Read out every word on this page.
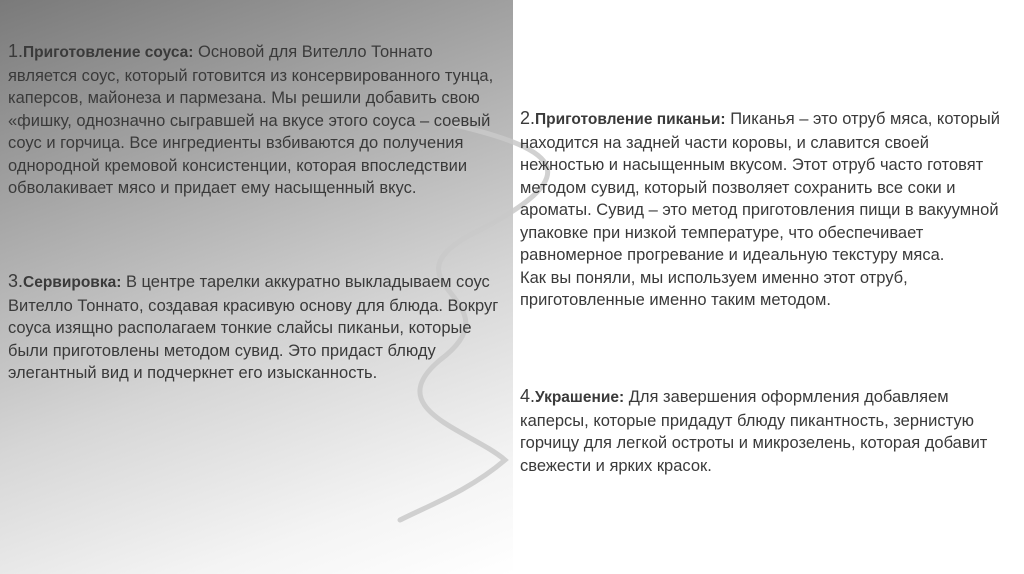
1.Приготовление соуса: Основой для Вителло Тоннато является соус, который готовится из консервированного тунца, каперсов, майонеза и пармезана. Мы решили добавить свою «фишку, однозначно сыгравшей на вкусе этого соуса – соевый соус и горчица. Все ингредиенты взбиваются до получения однородной кремовой консистенции, которая впоследствии обволакивает мясо и придает ему насыщенный вкус.
3.Сервировка: В центре тарелки аккуратно выкладываем соус Вителло Тоннато, создавая красивую основу для блюда. Вокруг соуса изящно располагаем тонкие слайсы пиканьи, которые были приготовлены методом сувид. Это придаст блюду элегантный вид и подчеркнет его изысканность.
2.Приготовление пиканьи: Пиканья – это отруб мяса, который находится на задней части коровы, и славится своей нежностью и насыщенным вкусом. Этот отруб часто готовят методом сувид, который позволяет сохранить все соки и ароматы. Сувид – это метод приготовления пищи в вакуумной упаковке при низкой температуре, что обеспечивает равномерное прогревание и идеальную текстуру мяса.
Как вы поняли, мы используем именно этот отруб, приготовленные именно таким методом.
4.Украшение: Для завершения оформления добавляем каперсы, которые придадут блюду пикантность, зернистую горчицу для легкой остроты и микрозелень, которая добавит свежести и ярких красок.
